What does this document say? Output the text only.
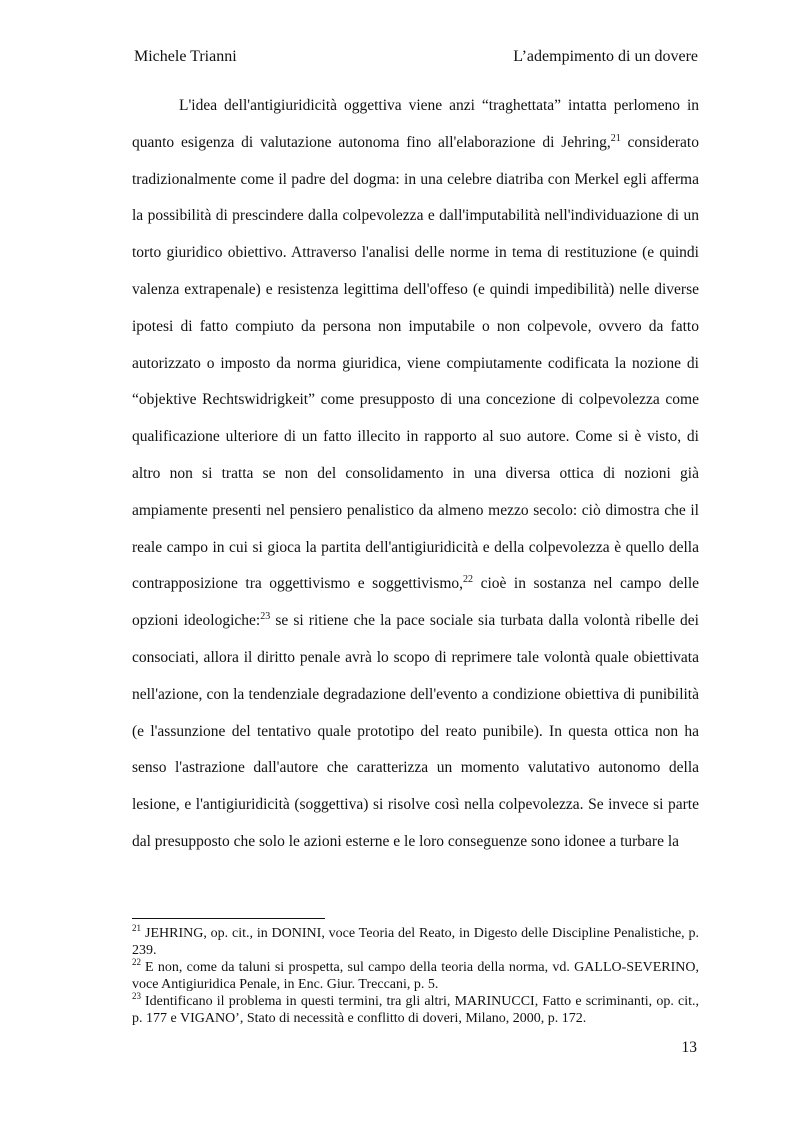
Michele Trianni	L’adempimento di un dovere

L'idea dell'antigiuridicità oggettiva viene anzi “traghettata” intatta perlomeno in quanto esigenza di valutazione autonoma fino all'elaborazione di Jehring,$^{21}$ considerato tradizionalmente come il padre del dogma: in una celebre diatriba con Merkel egli afferma la possibilità di prescindere dalla colpevolezza e dall'imputabilità nell'individuazione di un torto giuridico obiettivo. Attraverso l'analisi delle norme in tema di restituzione (e quindi valenza extrapenale) e resistenza legittima dell'offeso (e quindi impedibilità) nelle diverse ipotesi di fatto compiuto da persona non imputabile o non colpevole, ovvero da fatto autorizzato o imposto da norma giuridica, viene compiutamente codificata la nozione di “objektive Rechtswidrigkeit” come presupposto di una concezione di colpevolezza come qualificazione ulteriore di un fatto illecito in rapporto al suo autore. Come si è visto, di altro non si tratta se non del consolidamento in una diversa ottica di nozioni già ampiamente presenti nel pensiero penalistico da almeno mezzo secolo: ciò dimostra che il reale campo in cui si gioca la partita dell'antigiuridicità e della colpevolezza è quello della contrapposizione tra oggettivismo e soggettivismo,$^{22}$ cioè in sostanza nel campo delle opzioni ideologiche:$^{23}$ se si ritiene che la pace sociale sia turbata dalla volontà ribelle dei consociati, allora il diritto penale avrà lo scopo di reprimere tale volontà quale obiettivata nell'azione, con la tendenziale degradazione dell'evento a condizione obiettiva di punibilità (e l'assunzione del tentativo quale prototipo del reato punibile). In questa ottica non ha senso l'astrazione dall'autore che caratterizza un momento valutativo autonomo della lesione, e l'antigiuridicità (soggettiva) si risolve così nella colpevolezza. Se invece si parte dal presupposto che solo le azioni esterne e le loro conseguenze sono idonee a turbare la

$^{21}$ JEHRING, op. cit., in DONINI, voce Teoria del Reato, in Digesto delle Discipline Penalistiche, p. 239.

$^{22}$ E non, come da taluni si prospetta, sul campo della teoria della norma, vd. GALLO-SEVERINO, voce Antigiuridica Penale, in Enc. Giur. Treccani, p. 5.

$^{23}$ Identificano il problema in questi termini, tra gli altri, MARINUCCI, Fatto e scriminanti, op. cit., p. 177 e VIGANO’, Stato di necessità e conflitto di doveri, Milano, 2000, p. 172.

13
